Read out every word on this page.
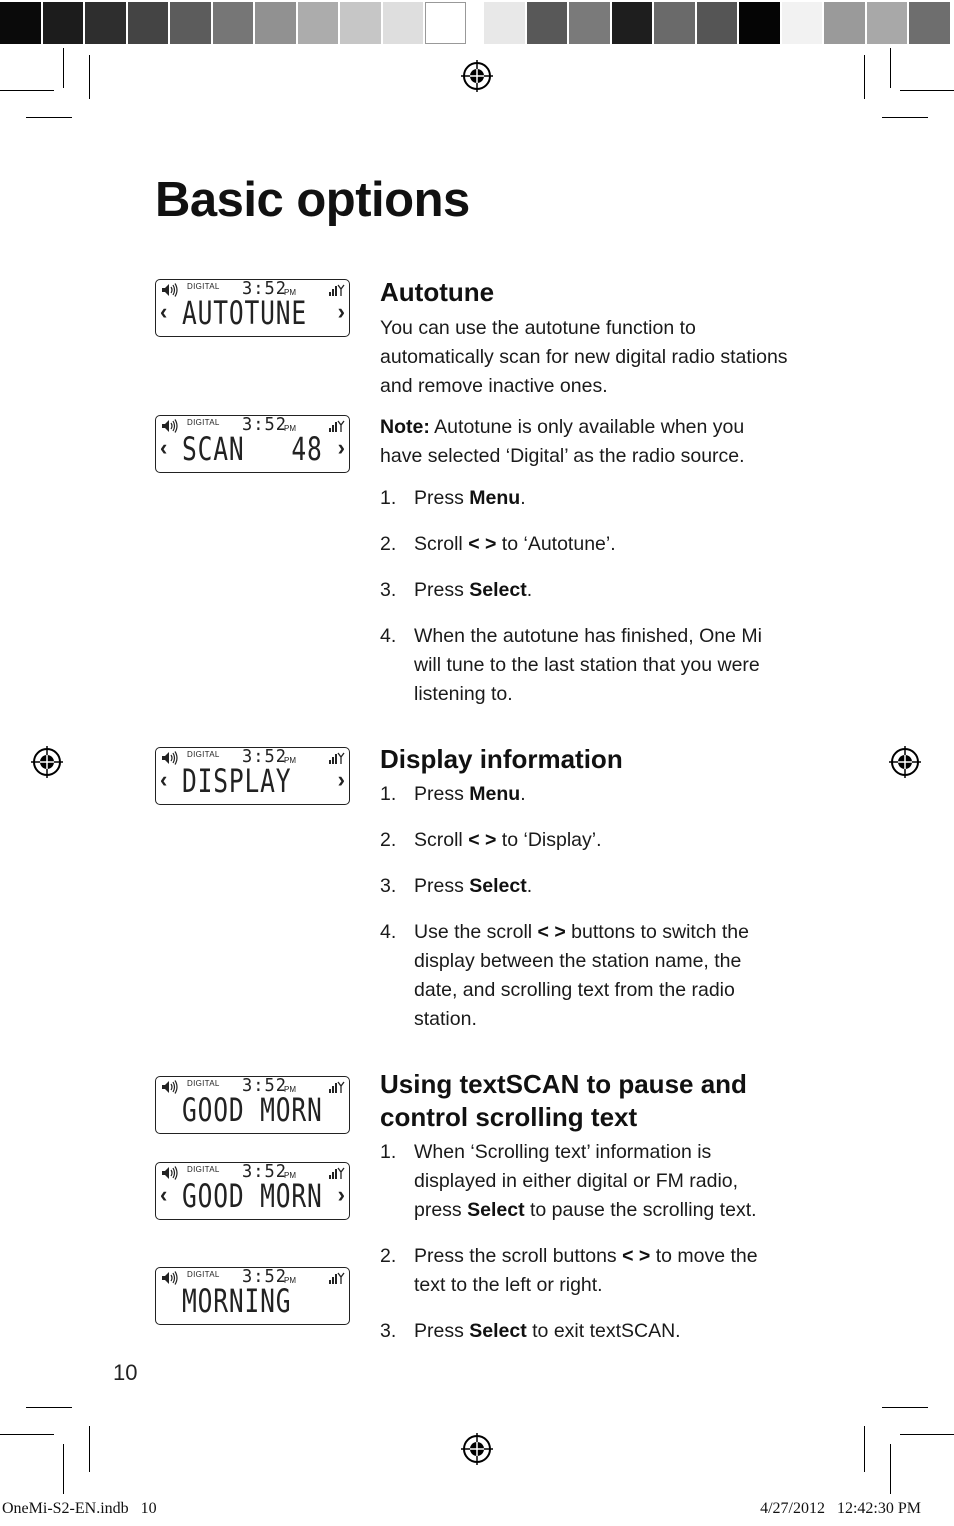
Basic options
DIGITAL 3:52
PM
‹	›
AUTOTUNE
DIGITAL 3:52
PM
‹	›
SCAN   48
DIGITAL 3:52
PM
‹	›
DISPLAY
DIGITAL 3:52
PM
GOOD MORN
DIGITAL 3:52
PM
‹	›
GOOD MORN
DIGITAL 3:52
PM
MORNING
Autotune

You can use the autotune function to automatically scan for new digital radio stations and remove inactive ones.

Note: Autotune is only available when you have selected ‘Digital’ as the radio source.

1. Press Menu.
2. Scroll < > to ‘Autotune’.
3. Press Select.
4. When the autotune has finished, One Mi will tune to the last station that you were listening to.
Display information
1. Press Menu.
2. Scroll < > to ‘Display’.
3. Press Select.
4. Use the scroll < > buttons to switch the display between the station name, the date, and scrolling text from the radio station.
Using textSCAN to pause and control scrolling text
1. When ‘Scrolling text’ information is displayed in either digital or FM radio, press Select to pause the scrolling text.
2. Press the scroll buttons < > to move the text to the left or right.
3. Press Select to exit textSCAN.

10

OneMi-S2-EN.indb   10	4/27/2012   12:42:30 PM
